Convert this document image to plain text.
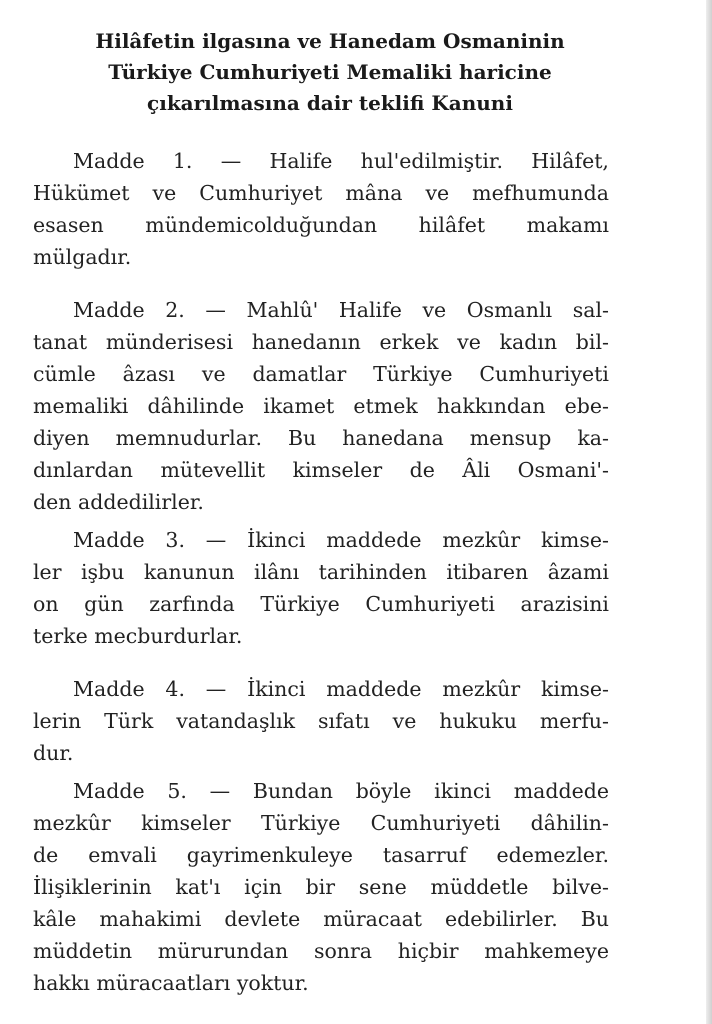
Hilâfetin ilgasına ve Hanedam Osmaninin
Türkiye Cumhuriyeti Memaliki haricine
çıkarılmasına dair teklifi Kanuni
Madde 1. — Halife hul'edilmiştir. Hilâfet,
Hükümet ve Cumhuriyet mâna ve mefhumunda
esasen mündemicolduğundan hilâfet makamı
mülgadır.
Madde 2. — Mahlû' Halife ve Osmanlı sal-
tanat münderisesi hanedanın erkek ve kadın bil-
cümle âzası ve damatlar Türkiye Cumhuriyeti
memaliki dâhilinde ikamet etmek hakkından ebe-
diyen memnudurlar. Bu hanedana mensup ka-
dınlardan mütevellit kimseler de Âli Osmani'-
den addedilirler.
Madde 3. — İkinci maddede mezkûr kimse-
ler işbu kanunun ilânı tarihinden itibaren âzami
on gün zarfında Türkiye Cumhuriyeti arazisini
terke mecburdurlar.
Madde 4. — İkinci maddede mezkûr kimse-
lerin Türk vatandaşlık sıfatı ve hukuku merfu-
dur.
Madde 5. — Bundan böyle ikinci maddede
mezkûr kimseler Türkiye Cumhuriyeti dâhilin-
de emvali gayrimenkuleye tasarruf edemezler.
İlişiklerinin kat'ı için bir sene müddetle bilve-
kâle mahakimi devlete müracaat edebilirler. Bu
müddetin mürurundan sonra hiçbir mahkemeye
hakkı müracaatları yoktur.
